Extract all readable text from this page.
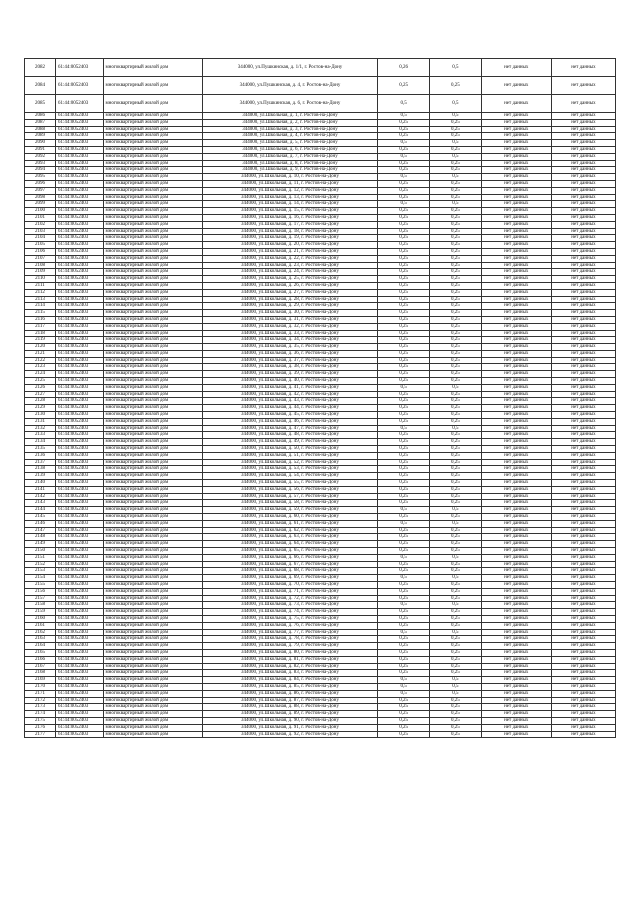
2082	61:44:0052403	многоквартирный жилой дом	344000, ул.Пушкинская, д. 1/1, г. Ростов-на-Дону	0,26	0,5	нет данных	нет данных
2084	61:44:0052403	многоквартирный жилой дом	344000, ул.Пушкинская, д. 4, г. Ростов-на-Дону	0,25	0,25	нет данных	нет данных
2085	61:44:0052403	многоквартирный жилой дом	344000, ул.Пушкинская, д. 6, г. Ростов-на-Дону	0,5	0,5	нет данных	нет данных
2086	61:44:0052403	многоквартирный жилой дом	344000, ул.Школьная, д. 1, г. Ростов-на-Дону	0,5	0,5	нет данных	нет данных
2087	61:44:0052403	многоквартирный жилой дом	344000, ул.Школьная, д. 2, г. Ростов-на-Дону	0,25	0,25	нет данных	нет данных
2088	61:44:0052403	многоквартирный жилой дом	344000, ул.Школьная, д. 3, г. Ростов-на-Дону	0,25	0,25	нет данных	нет данных
2089	61:44:0052403	многоквартирный жилой дом	344000, ул.Школьная, д. 4, г. Ростов-на-Дону	0,25	0,25	нет данных	нет данных
2090	61:44:0052403	многоквартирный жилой дом	344000, ул.Школьная, д. 5, г. Ростов-на-Дону	0,5	0,5	нет данных	нет данных
2091	61:44:0052403	многоквартирный жилой дом	344000, ул.Школьная, д. 6, г. Ростов-на-Дону	0,25	0,25	нет данных	нет данных
2092	61:44:0052403	многоквартирный жилой дом	344000, ул.Школьная, д. 7, г. Ростов-на-Дону	0,5	0,5	нет данных	нет данных
2093	61:44:0052403	многоквартирный жилой дом	344000, ул.Школьная, д. 8, г. Ростов-на-Дону	0,25	0,25	нет данных	нет данных
2094	61:44:0052403	многоквартирный жилой дом	344000, ул.Школьная, д. 9, г. Ростов-на-Дону	0,25	0,25	нет данных	нет данных
2095	61:44:0052403	многоквартирный жилой дом	344000, ул.Школьная, д. 10, г. Ростов-на-Дону	0,5	0,5	нет данных	нет данных
2096	61:44:0052403	многоквартирный жилой дом	344000, ул.Школьная, д. 11, г. Ростов-на-Дону	0,25	0,25	нет данных	нет данных
2097	61:44:0052403	многоквартирный жилой дом	344000, ул.Школьная, д. 12, г. Ростов-на-Дону	0,25	0,25	нет данных	нет данных
2098	61:44:0052403	многоквартирный жилой дом	344000, ул.Школьная, д. 13, г. Ростов-на-Дону	0,25	0,25	нет данных	нет данных
2099	61:44:0052403	многоквартирный жилой дом	344000, ул.Школьная, д. 14, г. Ростов-на-Дону	0,5	0,5	нет данных	нет данных
2100	61:44:0052403	многоквартирный жилой дом	344000, ул.Школьная, д. 15, г. Ростов-на-Дону	0,25	0,25	нет данных	нет данных
2101	61:44:0052403	многоквартирный жилой дом	344000, ул.Школьная, д. 16, г. Ростов-на-Дону	0,25	0,25	нет данных	нет данных
2102	61:44:0052403	многоквартирный жилой дом	344000, ул.Школьная, д. 17, г. Ростов-на-Дону	0,25	0,25	нет данных	нет данных
2103	61:44:0052403	многоквартирный жилой дом	344000, ул.Школьная, д. 18, г. Ростов-на-Дону	0,25	0,25	нет данных	нет данных
2104	61:44:0052403	многоквартирный жилой дом	344000, ул.Школьная, д. 19, г. Ростов-на-Дону	0,25	0,25	нет данных	нет данных
2105	61:44:0052403	многоквартирный жилой дом	344000, ул.Школьная, д. 20, г. Ростов-на-Дону	0,25	0,25	нет данных	нет данных
2106	61:44:0052403	многоквартирный жилой дом	344000, ул.Школьная, д. 21, г. Ростов-на-Дону	0,25	0,25	нет данных	нет данных
2107	61:44:0052403	многоквартирный жилой дом	344000, ул.Школьная, д. 22, г. Ростов-на-Дону	0,25	0,25	нет данных	нет данных
2108	61:44:0052403	многоквартирный жилой дом	344000, ул.Школьная, д. 23, г. Ростов-на-Дону	0,25	0,25	нет данных	нет данных
2109	61:44:0052403	многоквартирный жилой дом	344000, ул.Школьная, д. 24, г. Ростов-на-Дону	0,25	0,25	нет данных	нет данных
2110	61:44:0052403	многоквартирный жилой дом	344000, ул.Школьная, д. 25, г. Ростов-на-Дону	0,25	0,25	нет данных	нет данных
2111	61:44:0052403	многоквартирный жилой дом	344000, ул.Школьная, д. 26, г. Ростов-на-Дону	0,25	0,25	нет данных	нет данных
2112	61:44:0052403	многоквартирный жилой дом	344000, ул.Школьная, д. 27, г. Ростов-на-Дону	0,25	0,25	нет данных	нет данных
2113	61:44:0052403	многоквартирный жилой дом	344000, ул.Школьная, д. 28, г. Ростов-на-Дону	0,25	0,25	нет данных	нет данных
2114	61:44:0052403	многоквартирный жилой дом	344000, ул.Школьная, д. 29, г. Ростов-на-Дону	0,25	0,25	нет данных	нет данных
2115	61:44:0052403	многоквартирный жилой дом	344000, ул.Школьная, д. 30, г. Ростов-на-Дону	0,25	0,25	нет данных	нет данных
2116	61:44:0052403	многоквартирный жилой дом	344000, ул.Школьная, д. 31, г. Ростов-на-Дону	0,25	0,25	нет данных	нет данных
2117	61:44:0052403	многоквартирный жилой дом	344000, ул.Школьная, д. 32, г. Ростов-на-Дону	0,25	0,25	нет данных	нет данных
2118	61:44:0052403	многоквартирный жилой дом	344000, ул.Школьная, д. 33, г. Ростов-на-Дону	0,25	0,25	нет данных	нет данных
2119	61:44:0052403	многоквартирный жилой дом	344000, ул.Школьная, д. 34, г. Ростов-на-Дону	0,25	0,25	нет данных	нет данных
2120	61:44:0052403	многоквартирный жилой дом	344000, ул.Школьная, д. 35, г. Ростов-на-Дону	0,25	0,25	нет данных	нет данных
2121	61:44:0052403	многоквартирный жилой дом	344000, ул.Школьная, д. 36, г. Ростов-на-Дону	0,25	0,25	нет данных	нет данных
2122	61:44:0052403	многоквартирный жилой дом	344000, ул.Школьная, д. 37, г. Ростов-на-Дону	0,25	0,25	нет данных	нет данных
2123	61:44:0052403	многоквартирный жилой дом	344000, ул.Школьная, д. 38, г. Ростов-на-Дону	0,25	0,25	нет данных	нет данных
2124	61:44:0052403	многоквартирный жилой дом	344000, ул.Школьная, д. 39, г. Ростов-на-Дону	0,25	0,25	нет данных	нет данных
2125	61:44:0052403	многоквартирный жилой дом	344000, ул.Школьная, д. 40, г. Ростов-на-Дону	0,25	0,25	нет данных	нет данных
2126	61:44:0052403	многоквартирный жилой дом	344000, ул.Школьная, д. 41, г. Ростов-на-Дону	0,5	0,5	нет данных	нет данных
2127	61:44:0052403	многоквартирный жилой дом	344000, ул.Школьная, д. 42, г. Ростов-на-Дону	0,25	0,25	нет данных	нет данных
2128	61:44:0052403	многоквартирный жилой дом	344000, ул.Школьная, д. 43, г. Ростов-на-Дону	0,25	0,25	нет данных	нет данных
2129	61:44:0052403	многоквартирный жилой дом	344000, ул.Школьная, д. 44, г. Ростов-на-Дону	0,25	0,25	нет данных	нет данных
2130	61:44:0052403	многоквартирный жилой дом	344000, ул.Школьная, д. 45, г. Ростов-на-Дону	0,25	0,25	нет данных	нет данных
2131	61:44:0052403	многоквартирный жилой дом	344000, ул.Школьная, д. 46, г. Ростов-на-Дону	0,25	0,25	нет данных	нет данных
2132	61:44:0052403	многоквартирный жилой дом	344000, ул.Школьная, д. 47, г. Ростов-на-Дону	0,5	0,5	нет данных	нет данных
2133	61:44:0052403	многоквартирный жилой дом	344000, ул.Школьная, д. 48, г. Ростов-на-Дону	0,25	0,25	нет данных	нет данных
2134	61:44:0052403	многоквартирный жилой дом	344000, ул.Школьная, д. 49, г. Ростов-на-Дону	0,25	0,25	нет данных	нет данных
2135	61:44:0052403	многоквартирный жилой дом	344000, ул.Школьная, д. 50, г. Ростов-на-Дону	0,25	0,25	нет данных	нет данных
2136	61:44:0052403	многоквартирный жилой дом	344000, ул.Школьная, д. 51, г. Ростов-на-Дону	0,25	0,25	нет данных	нет данных
2137	61:44:0052403	многоквартирный жилой дом	344000, ул.Школьная, д. 52, г. Ростов-на-Дону	0,25	0,25	нет данных	нет данных
2138	61:44:0052403	многоквартирный жилой дом	344000, ул.Школьная, д. 53, г. Ростов-на-Дону	0,25	0,25	нет данных	нет данных
2139	61:44:0052403	многоквартирный жилой дом	344000, ул.Школьная, д. 54, г. Ростов-на-Дону	0,25	0,25	нет данных	нет данных
2140	61:44:0052403	многоквартирный жилой дом	344000, ул.Школьная, д. 55, г. Ростов-на-Дону	0,25	0,25	нет данных	нет данных
2141	61:44:0052403	многоквартирный жилой дом	344000, ул.Школьная, д. 56, г. Ростов-на-Дону	0,25	0,25	нет данных	нет данных
2142	61:44:0052403	многоквартирный жилой дом	344000, ул.Школьная, д. 57, г. Ростов-на-Дону	0,25	0,25	нет данных	нет данных
2143	61:44:0052403	многоквартирный жилой дом	344000, ул.Школьная, д. 58, г. Ростов-на-Дону	0,25	0,25	нет данных	нет данных
2144	61:44:0052403	многоквартирный жилой дом	344000, ул.Школьная, д. 59, г. Ростов-на-Дону	0,5	0,5	нет данных	нет данных
2145	61:44:0052403	многоквартирный жилой дом	344000, ул.Школьная, д. 60, г. Ростов-на-Дону	0,25	0,25	нет данных	нет данных
2146	61:44:0052403	многоквартирный жилой дом	344000, ул.Школьная, д. 61, г. Ростов-на-Дону	0,5	0,5	нет данных	нет данных
2147	61:44:0052403	многоквартирный жилой дом	344000, ул.Школьная, д. 62, г. Ростов-на-Дону	0,25	0,25	нет данных	нет данных
2148	61:44:0052403	многоквартирный жилой дом	344000, ул.Школьная, д. 63, г. Ростов-на-Дону	0,25	0,25	нет данных	нет данных
2149	61:44:0052403	многоквартирный жилой дом	344000, ул.Школьная, д. 64, г. Ростов-на-Дону	0,25	0,25	нет данных	нет данных
2150	61:44:0052403	многоквартирный жилой дом	344000, ул.Школьная, д. 65, г. Ростов-на-Дону	0,25	0,25	нет данных	нет данных
2151	61:44:0052403	многоквартирный жилой дом	344000, ул.Школьная, д. 66, г. Ростов-на-Дону	0,5	0,5	нет данных	нет данных
2152	61:44:0052403	многоквартирный жилой дом	344000, ул.Школьная, д. 67, г. Ростов-на-Дону	0,25	0,25	нет данных	нет данных
2153	61:44:0052403	многоквартирный жилой дом	344000, ул.Школьная, д. 68, г. Ростов-на-Дону	0,25	0,25	нет данных	нет данных
2154	61:44:0052403	многоквартирный жилой дом	344000, ул.Школьная, д. 69, г. Ростов-на-Дону	0,5	0,5	нет данных	нет данных
2155	61:44:0052403	многоквартирный жилой дом	344000, ул.Школьная, д. 70, г. Ростов-на-Дону	0,25	0,25	нет данных	нет данных
2156	61:44:0052403	многоквартирный жилой дом	344000, ул.Школьная, д. 71, г. Ростов-на-Дону	0,25	0,25	нет данных	нет данных
2157	61:44:0052403	многоквартирный жилой дом	344000, ул.Школьная, д. 72, г. Ростов-на-Дону	0,25	0,25	нет данных	нет данных
2158	61:44:0052403	многоквартирный жилой дом	344000, ул.Школьная, д. 73, г. Ростов-на-Дону	0,5	0,5	нет данных	нет данных
2159	61:44:0052403	многоквартирный жилой дом	344000, ул.Школьная, д. 74, г. Ростов-на-Дону	0,25	0,25	нет данных	нет данных
2160	61:44:0052403	многоквартирный жилой дом	344000, ул.Школьная, д. 75, г. Ростов-на-Дону	0,25	0,25	нет данных	нет данных
2161	61:44:0052403	многоквартирный жилой дом	344000, ул.Школьная, д. 76, г. Ростов-на-Дону	0,25	0,25	нет данных	нет данных
2162	61:44:0052403	многоквартирный жилой дом	344000, ул.Школьная, д. 77, г. Ростов-на-Дону	0,5	0,5	нет данных	нет данных
2163	61:44:0052403	многоквартирный жилой дом	344000, ул.Школьная, д. 78, г. Ростов-на-Дону	0,25	0,25	нет данных	нет данных
2164	61:44:0052403	многоквартирный жилой дом	344000, ул.Школьная, д. 79, г. Ростов-на-Дону	0,25	0,25	нет данных	нет данных
2165	61:44:0052403	многоквартирный жилой дом	344000, ул.Школьная, д. 80, г. Ростов-на-Дону	0,25	0,25	нет данных	нет данных
2166	61:44:0052403	многоквартирный жилой дом	344000, ул.Школьная, д. 81, г. Ростов-на-Дону	0,25	0,25	нет данных	нет данных
2167	61:44:0052403	многоквартирный жилой дом	344000, ул.Школьная, д. 82, г. Ростов-на-Дону	0,25	0,25	нет данных	нет данных
2168	61:44:0052403	многоквартирный жилой дом	344000, ул.Школьная, д. 83, г. Ростов-на-Дону	0,25	0,25	нет данных	нет данных
2169	61:44:0052403	многоквартирный жилой дом	344000, ул.Школьная, д. 84, г. Ростов-на-Дону	0,5	0,5	нет данных	нет данных
2170	61:44:0052403	многоквартирный жилой дом	344000, ул.Школьная, д. 85, г. Ростов-на-Дону	0,5	0,5	нет данных	нет данных
2171	61:44:0052403	многоквартирный жилой дом	344000, ул.Школьная, д. 86, г. Ростов-на-Дону	0,5	0,5	нет данных	нет данных
2172	61:44:0052403	многоквартирный жилой дом	344000, ул.Школьная, д. 87, г. Ростов-на-Дону	0,25	0,25	нет данных	нет данных
2173	61:44:0052403	многоквартирный жилой дом	344000, ул.Школьная, д. 88, г. Ростов-на-Дону	0,25	0,25	нет данных	нет данных
2174	61:44:0052403	многоквартирный жилой дом	344000, ул.Школьная, д. 89, г. Ростов-на-Дону	0,25	0,25	нет данных	нет данных
2175	61:44:0052403	многоквартирный жилой дом	344000, ул.Школьная, д. 90, г. Ростов-на-Дону	0,25	0,25	нет данных	нет данных
2176	61:44:0052403	многоквартирный жилой дом	344000, ул.Школьная, д. 91, г. Ростов-на-Дону	0,25	0,25	нет данных	нет данных
2177	61:44:0052403	многоквартирный жилой дом	344000, ул.Школьная, д. 92, г. Ростов-на-Дону	0,25	0,25	нет данных	нет данных
